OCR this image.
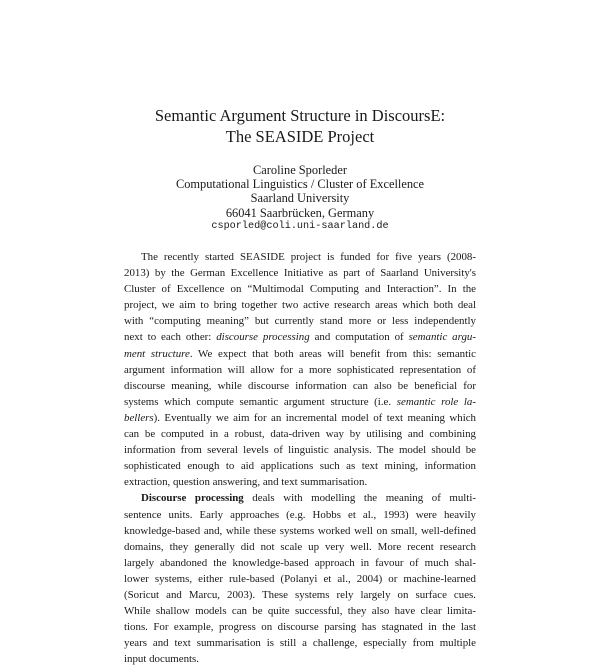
Semantic Argument Structure in DiscoursE:
The SEASIDE Project
Caroline Sporleder
Computational Linguistics / Cluster of Excellence
Saarland University
66041 Saarbrücken, Germany
csporled@coli.uni-saarland.de
The recently started SEASIDE project is funded for five years (2008-
2013) by the German Excellence Initiative as part of Saarland University's
Cluster of Excellence on “Multimodal Computing and Interaction”. In the
project, we aim to bring together two active research areas which both deal
with “computing meaning” but currently stand more or less independently
next to each other: discourse processing and computation of semantic argu-
ment structure. We expect that both areas will benefit from this: semantic
argument information will allow for a more sophisticated representation of
discourse meaning, while discourse information can also be beneficial for
systems which compute semantic argument structure (i.e. semantic role la-
bellers). Eventually we aim for an incremental model of text meaning which
can be computed in a robust, data-driven way by utilising and combining
information from several levels of linguistic analysis. The model should be
sophisticated enough to aid applications such as text mining, information
extraction, question answering, and text summarisation.
Discourse processing deals with modelling the meaning of multi-
sentence units. Early approaches (e.g. Hobbs et al., 1993) were heavily
knowledge-based and, while these systems worked well on small, well-defined
domains, they generally did not scale up very well. More recent research
largely abandoned the knowledge-based approach in favour of much shal-
lower systems, either rule-based (Polanyi et al., 2004) or machine-learned
(Soricut and Marcu, 2003). These systems rely largely on surface cues.
While shallow models can be quite successful, they also have clear limita-
tions. For example, progress on discourse parsing has stagnated in the last
years and text summarisation is still a challenge, especially from multiple
input documents.
